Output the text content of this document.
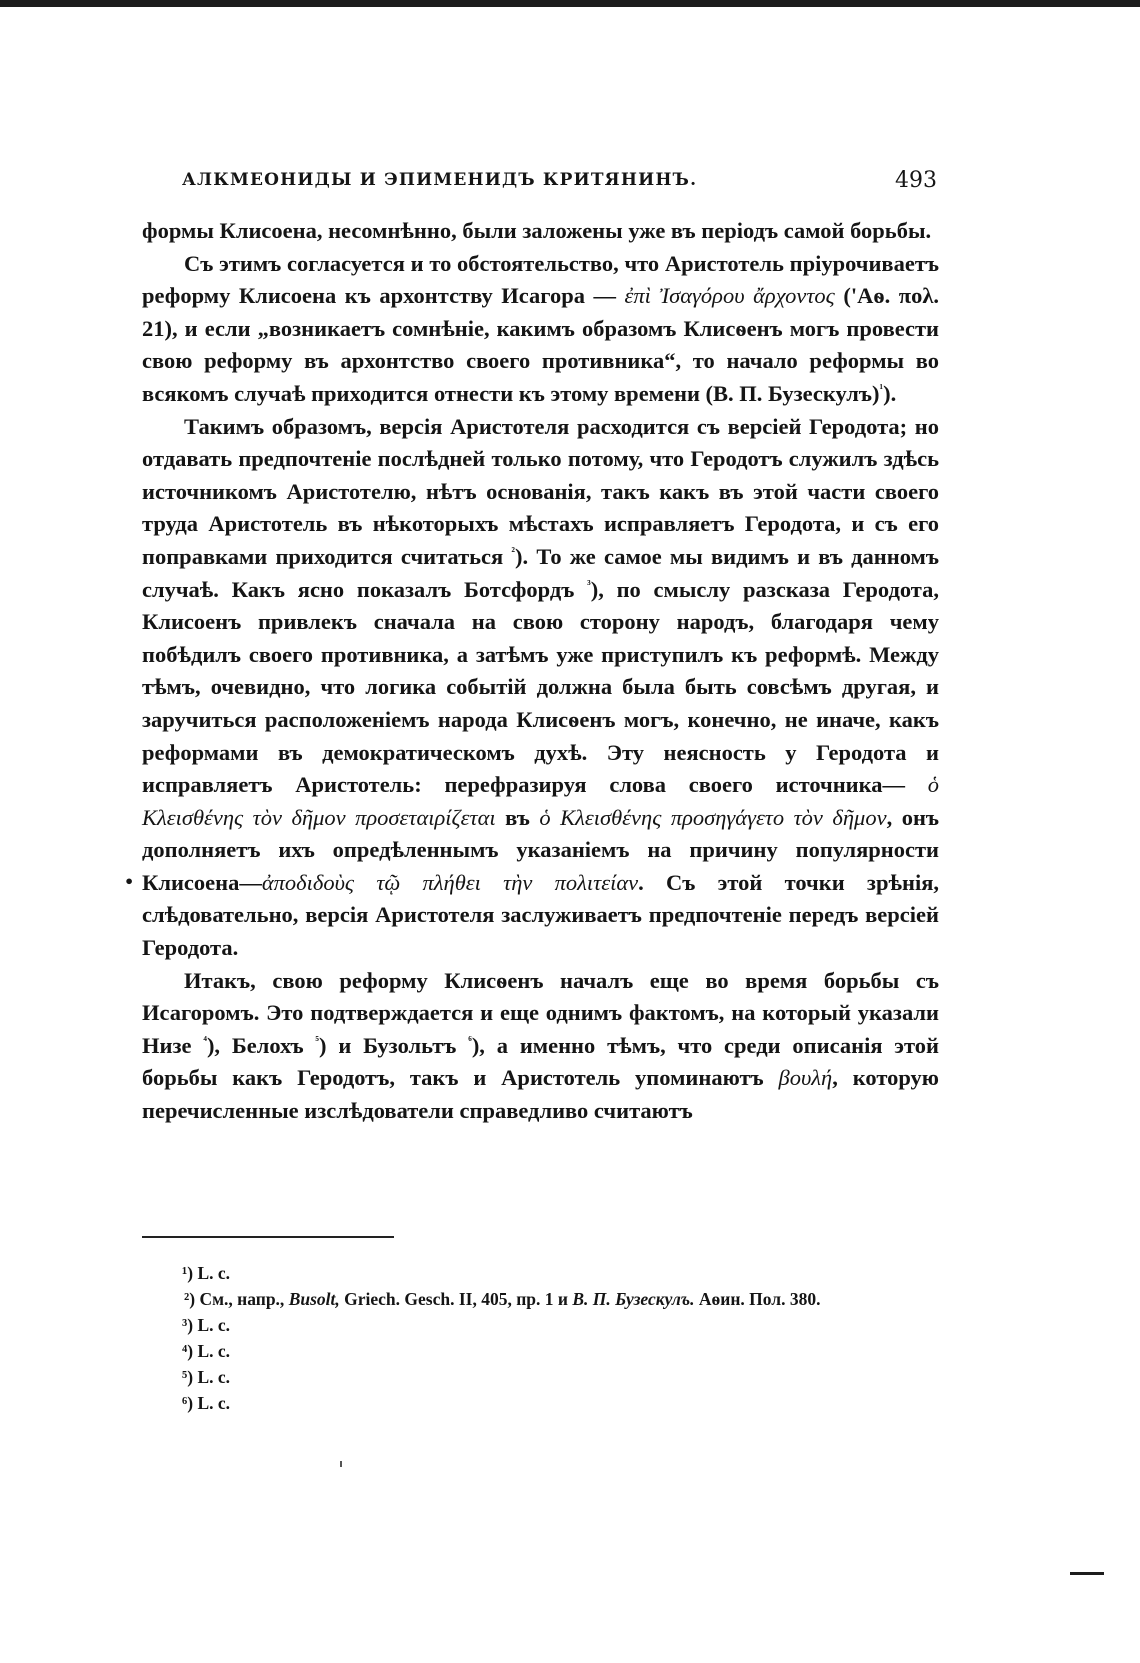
АЛКМЕОНИДЫ И ЭПИМЕНИДЪ КРИТЯНИНЪ.	493

формы Клисоена, несомнѣнно, были заложены уже въ періодъ самой борьбы.

Съ этимъ согласуется и то обстоятельство, что Аристотель пріурочиваетъ реформу Клисоена къ архонтству Исагора — ἐπὶ Ἰσαγόρου ἄρχοντος ('Аѳ. πολ. 21), и если „возникаетъ сомнѣніе, какимъ образомъ Клисѳенъ могъ провести свою реформу въ архонтство своего противника“, то начало реформы во всякомъ случаѣ приходится отнести къ этому времени (В. П. Бузескулъ)$^{^1}$).

Такимъ образомъ, версія Аристотеля расходится съ версіей Геродота; но отдавать предпочтеніе послѣдней только потому, что Геродотъ служилъ здѣсь источникомъ Аристотелю, нѣтъ основанія, такъ какъ въ этой части своего труда Аристотель въ нѣкоторыхъ мѣстахъ исправляетъ Геродота, и съ его поправками приходится считаться $^{^2}$). То же самое мы видимъ и въ данномъ случаѣ. Какъ ясно показалъ Ботсфордъ $^{^3}$), по смыслу разсказа Геродота, Клисоенъ привлекъ сначала на свою сторону народъ, благодаря чему побѣдилъ своего противника, а затѣмъ уже приступилъ къ реформѣ. Между тѣмъ, очевидно, что логика событій должна была быть совсѣмъ другая, и заручиться расположеніемъ народа Клисѳенъ могъ, конечно, не иначе, какъ реформами въ демократическомъ духѣ. Эту неясность у Геродота и исправляетъ Аристотель: перефразируя слова своего источника— ὁ Κλεισθένης τὸν δῆμον προσεταιρίζεται въ ὁ Κλεισθένης προσηγάγετο τὸν δῆμον, онъ дополняетъ ихъ опредѣленнымъ указаніемъ на причину популярности Клисоена—ἀποδιδοὺς τῷ πλήθει τὴν πολιτείαν. Съ этой точки зрѣнія, слѣдовательно, версія Аристотеля заслуживаетъ предпочтеніе передъ версіей Геродота.

Итакъ, свою реформу Клисѳенъ началъ еще во время борьбы съ Исагоромъ. Это подтверждается и еще однимъ фактомъ, на который указали Низе $^{^4}$), Белохъ $^{^5}$) и Бузольтъ $^{^6}$), а именно тѣмъ, что среди описанія этой борьбы какъ Геродотъ, такъ и Аристотель упоминаютъ βουλή, которую перечисленные изслѣдователи справедливо считаютъ

•

¹) L. c.

²) См., напр., Busolt, Griech. Gesch. II, 405, пр. 1 и В. П. Бузескулъ. Аѳин. Пол. 380.

³) L. c.

⁴) L. c.

⁵) L. c.

⁶) L. c.
